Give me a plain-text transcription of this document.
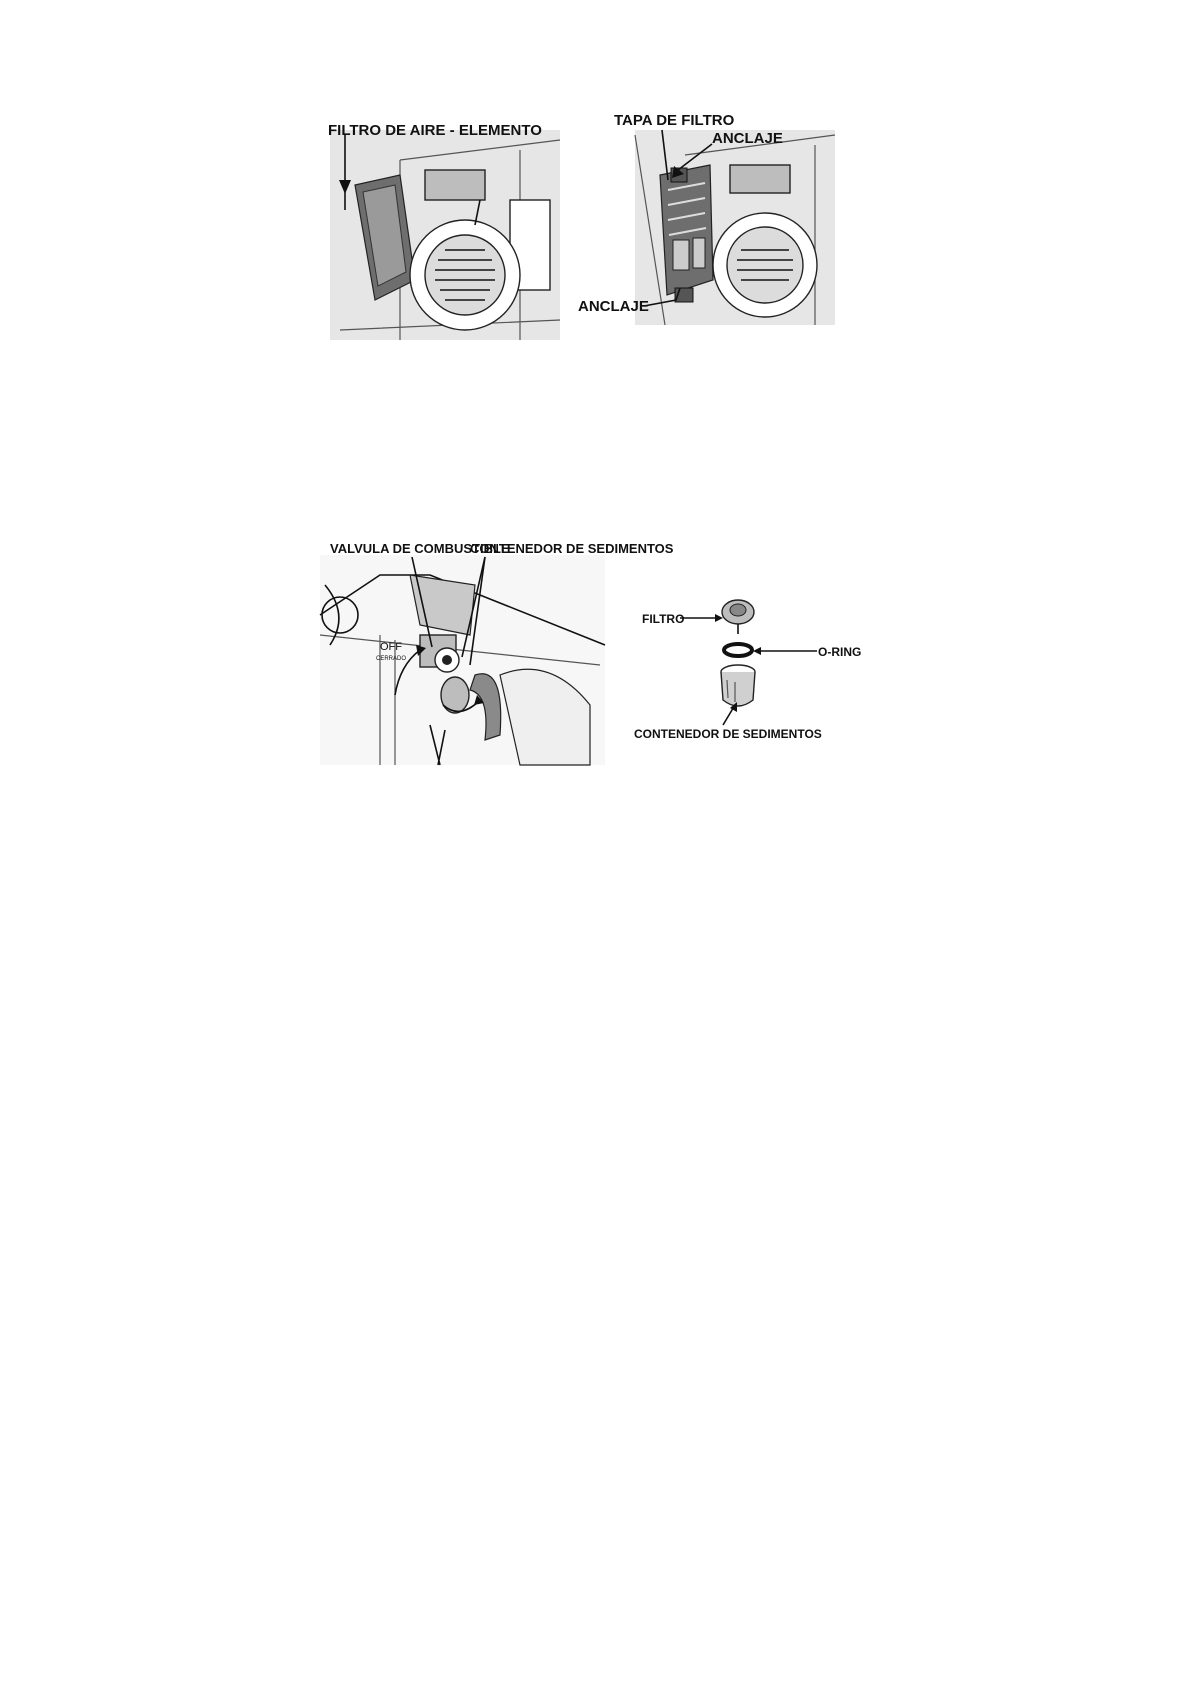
FILTRO DE AIRE - ELEMENTO
TAPA DE FILTRO
ANCLAJE
ANCLAJE
OFF
CERRADO
VALVULA DE COMBUSTIBLE
CONTENEDOR DE SEDIMENTOS
FILTRO
O-RING
CONTENEDOR DE SEDIMENTOS
